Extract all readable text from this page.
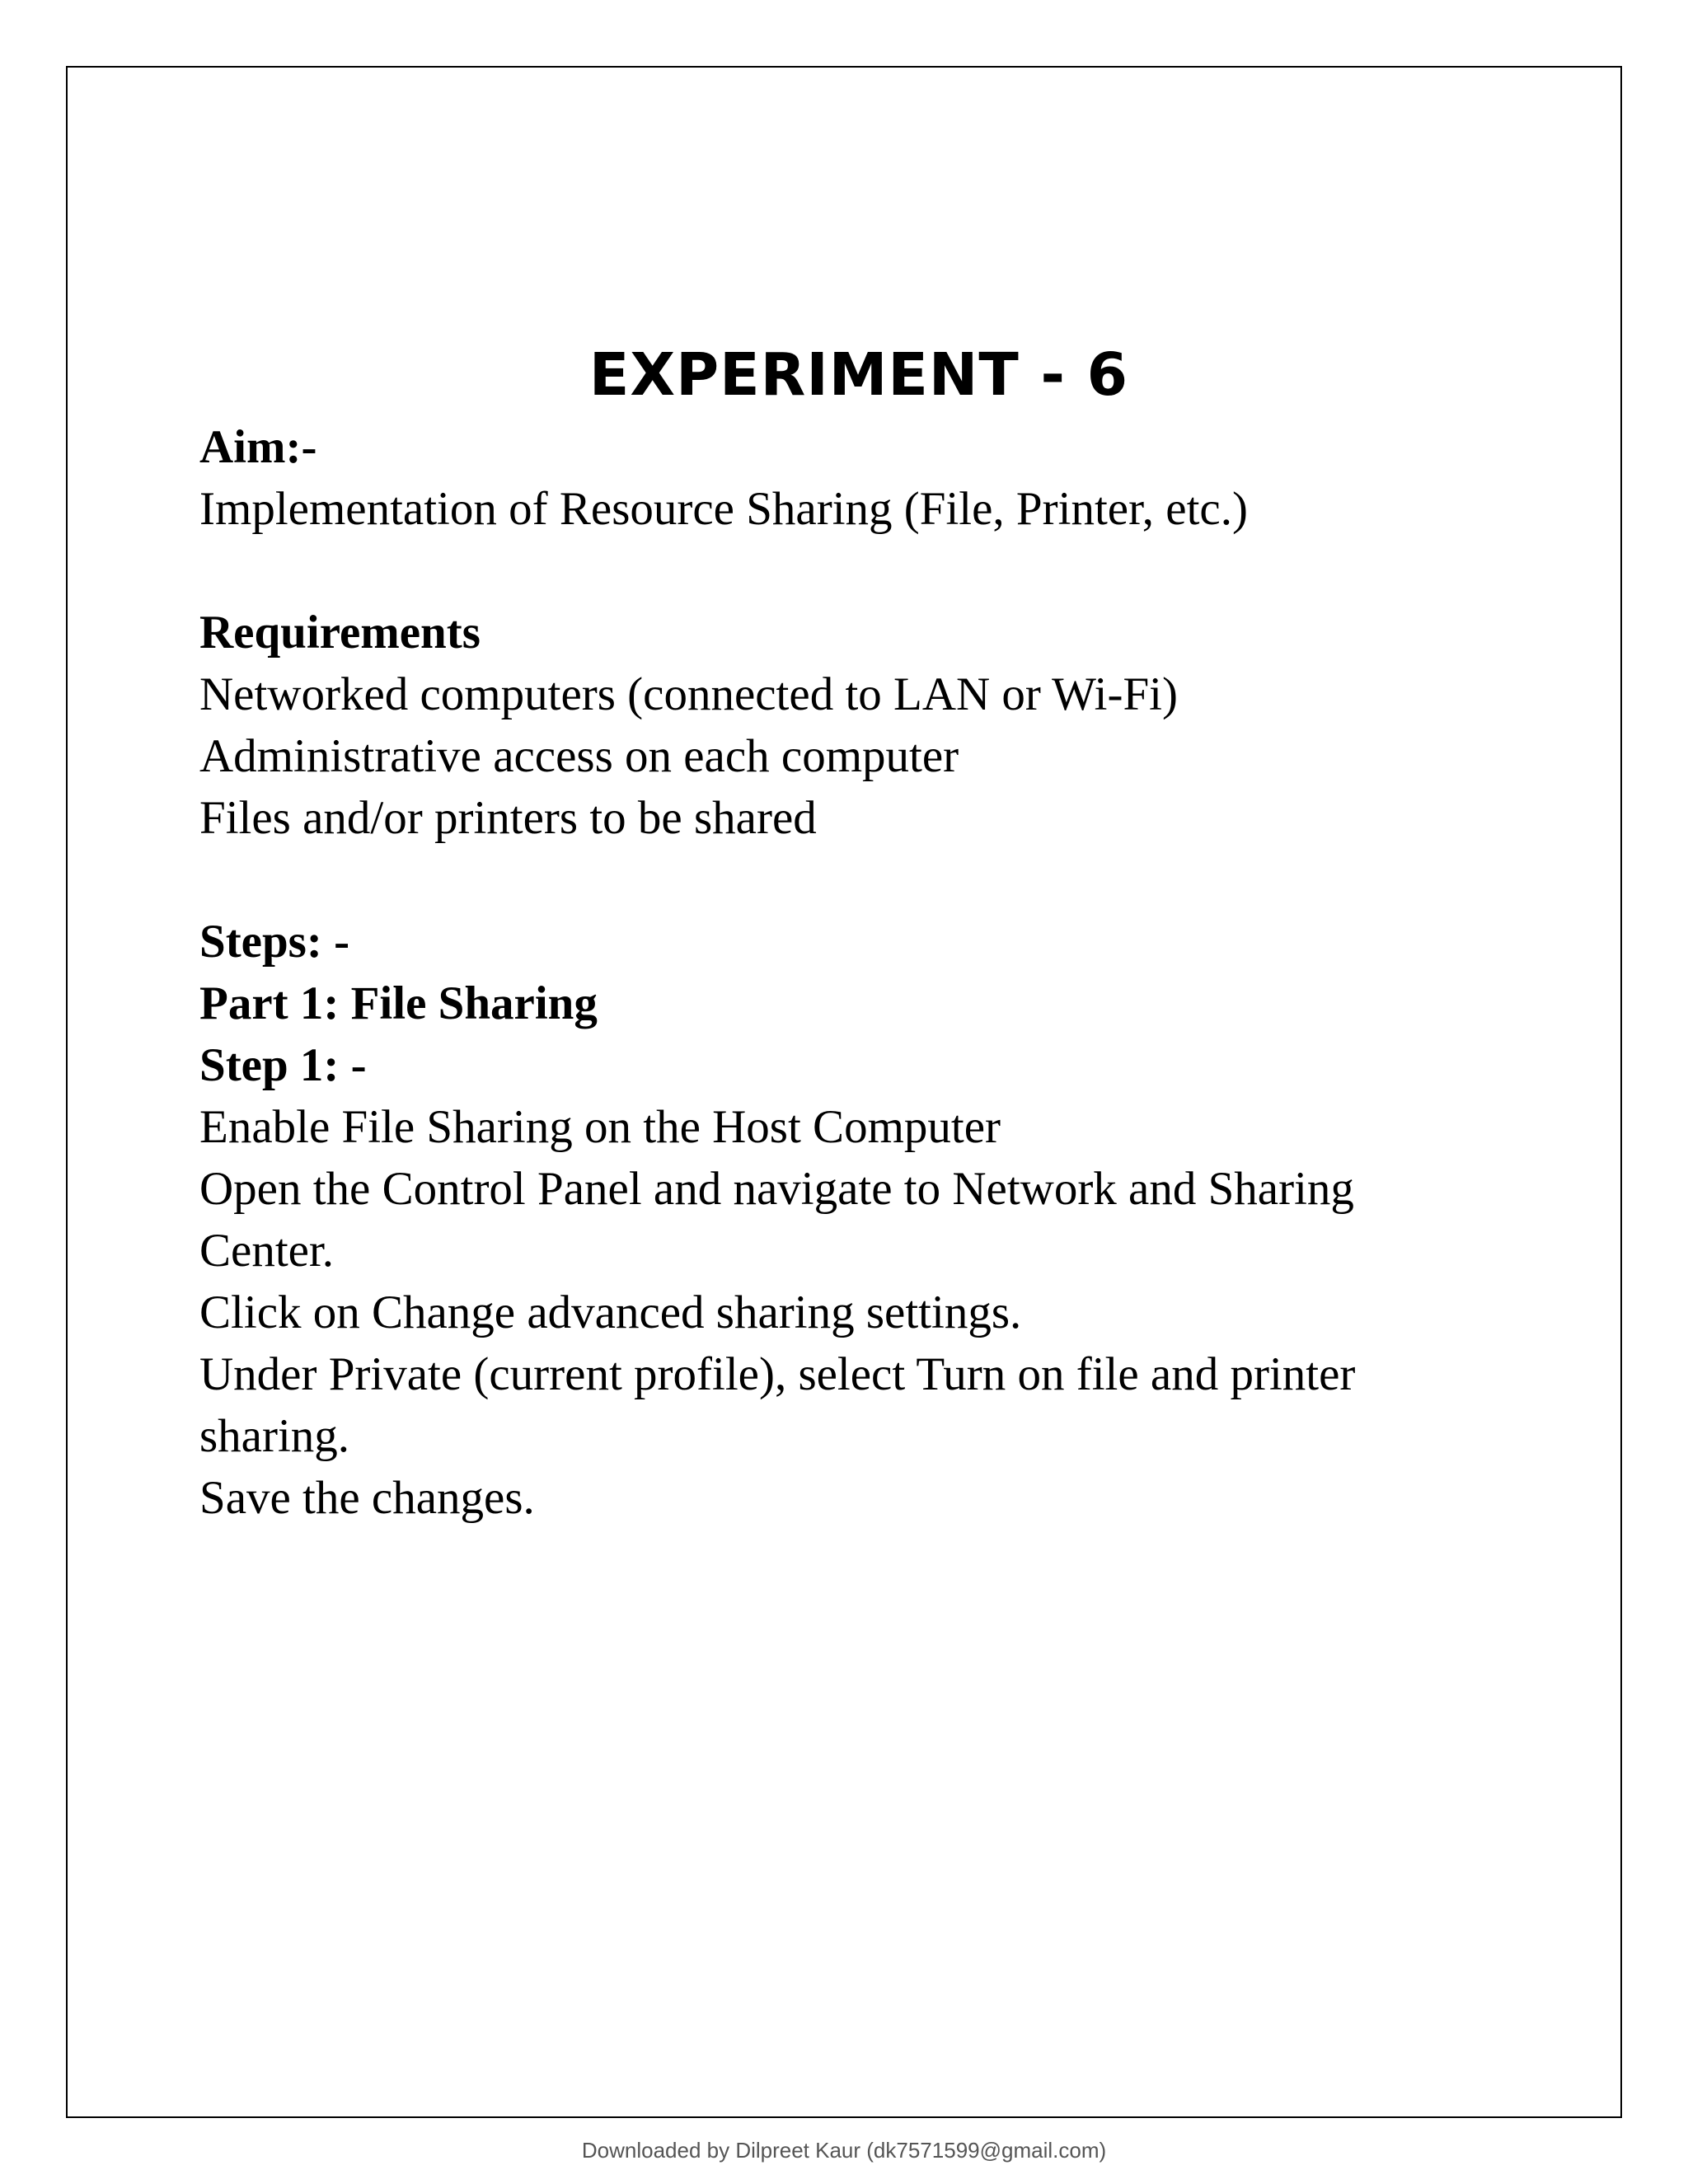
EXPERIMENT - 6

Aim:-

Implementation of Resource Sharing (File, Printer, etc.)

Requirements

Networked computers (connected to LAN or Wi-Fi)

Administrative access on each computer

Files and/or printers to be shared

Steps: -

Part 1: File Sharing

Step 1: -

Enable File Sharing on the Host Computer

Open the Control Panel and navigate to Network and Sharing Center.

Click on Change advanced sharing settings.

Under Private (current profile), select Turn on file and printer sharing.

Save the changes.

Downloaded by Dilpreet Kaur (dk7571599@gmail.com)
